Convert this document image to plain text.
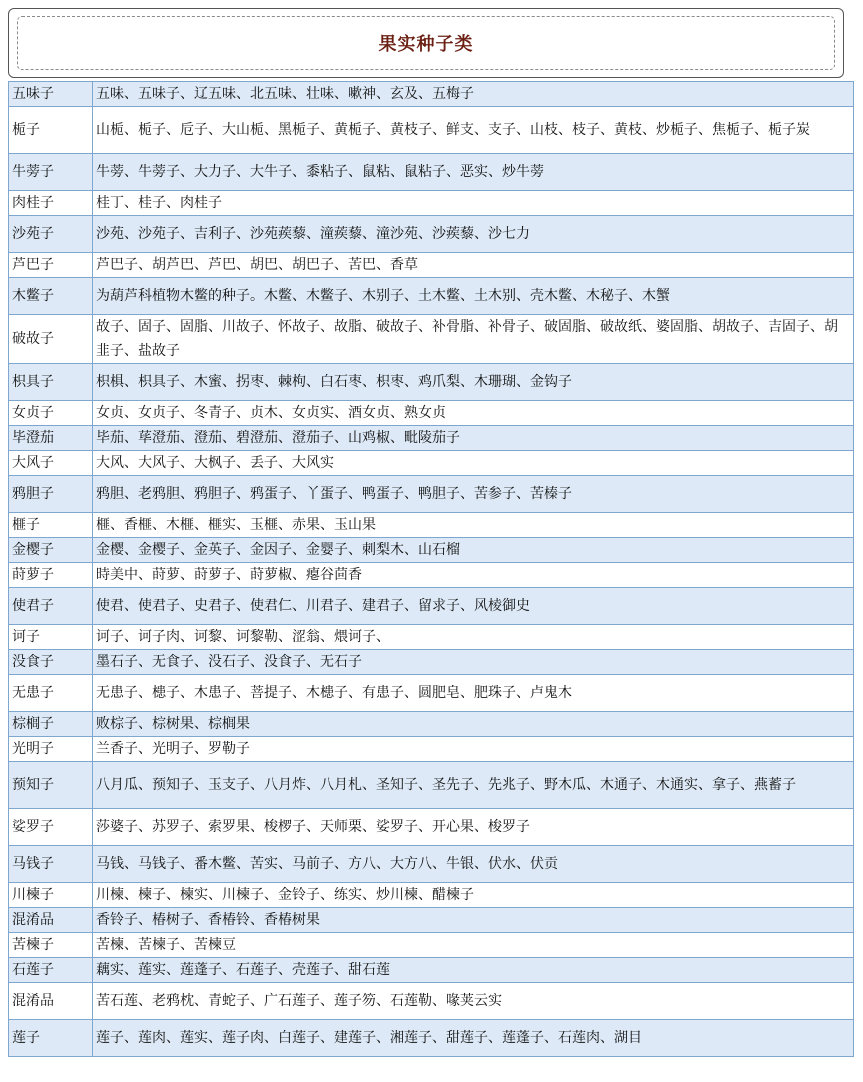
果实种子类
五味子	五味、五味子、辽五味、北五味、壮味、嗽神、玄及、五梅子
栀子	山栀、栀子、卮子、大山栀、黑栀子、黄栀子、黄枝子、鲜支、支子、山枝、枝子、黄枝、炒栀子、焦栀子、栀子炭
牛蒡子	牛蒡、牛蒡子、大力子、大牛子、黍粘子、鼠粘、鼠粘子、恶实、炒牛蒡
肉桂子	桂丁、桂子、肉桂子
沙苑子	沙苑、沙苑子、吉利子、沙苑蒺藜、潼蒺藜、潼沙苑、沙蒺藜、沙七力
芦巴子	芦巴子、胡芦巴、芦巴、胡巴、胡巴子、苦巴、香草
木鳖子	为葫芦科植物木鳖的种子。木鳖、木鳖子、木别子、土木鳖、土木别、壳木鳖、木秘子、木蟹
破故子	故子、固子、固脂、川故子、怀故子、故脂、破故子、补骨脂、补骨子、破固脂、破故纸、婆固脂、胡故子、吉固子、胡韭子、盐故子
枳具子	枳椇、枳具子、木蜜、拐枣、棘枸、白石枣、枳枣、鸡爪梨、木珊瑚、金钩子
女贞子	女贞、女贞子、冬青子、贞木、女贞实、酒女贞、熟女贞
毕澄茄	毕茄、荜澄茄、澄茄、碧澄茄、澄茄子、山鸡椒、毗陵茄子
大风子	大风、大风子、大枫子、丢子、大风实
鸦胆子	鸦胆、老鸦胆、鸦胆子、鸦蛋子、丫蛋子、鸭蛋子、鸭胆子、苦参子、苦榛子
榧子	榧、香榧、木榧、榧实、玉榧、赤果、玉山果
金樱子	金樱、金樱子、金英子、金因子、金婴子、刺梨木、山石榴
莳萝子	時美中、莳萝、莳萝子、莳萝椒、瘪谷茴香
使君子	使君、使君子、史君子、使君仁、川君子、建君子、留求子、风棱御史
诃子	诃子、诃子肉、诃黎、诃黎勒、涩翁、煨诃子、
没食子	墨石子、无食子、没石子、没食子、无石子
无患子	无患子、槵子、木患子、菩提子、木槵子、有患子、圆肥皂、肥珠子、卢鬼木
棕榈子	败棕子、棕树果、棕榈果
光明子	兰香子、光明子、罗勒子
预知子	八月瓜、预知子、玉支子、八月炸、八月札、圣知子、圣先子、先兆子、野木瓜、木通子、木通实、拿子、燕蓄子
娑罗子	莎婆子、苏罗子、索罗果、梭椤子、天师栗、娑罗子、开心果、梭罗子
马钱子	马钱、马钱子、番木鳖、苦实、马前子、方八、大方八、牛银、伏水、伏贡
川楝子	川楝、楝子、楝实、川楝子、金铃子、练实、炒川楝、醋楝子
混淆品	香铃子、椿树子、香椿铃、香椿树果
苦楝子	苦楝、苦楝子、苦楝豆
石莲子	藕实、莲实、莲蓬子、石莲子、壳莲子、甜石莲
混淆品	苦石莲、老鸦枕、青蛇子、广石莲子、莲子笏、石莲勒、喙荚云实
莲子	莲子、莲肉、莲实、莲子肉、白莲子、建莲子、湘莲子、甜莲子、莲蓬子、石莲肉、湖目
